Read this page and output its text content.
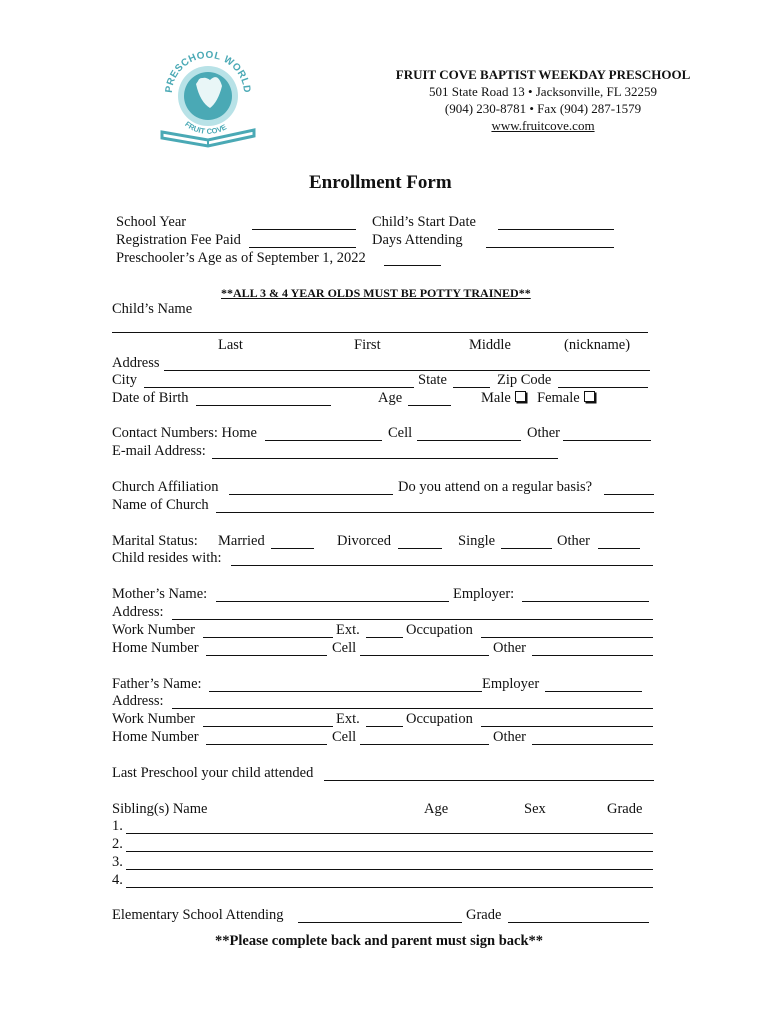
PRESCHOOL WORLD
FRUIT COVE
FRUIT COVE BAPTIST WEEKDAY PRESCHOOL
501 State Road 13 • Jacksonville, FL 32259
(904) 230-8781 • Fax (904) 287-1579
www.fruitcove.com
Enrollment Form
School Year	Child’s Start Date
Registration Fee Paid	Days Attending
Preschooler’s Age as of September 1, 2022
**ALL 3 & 4 YEAR OLDS MUST BE POTTY TRAINED**
Child’s Name
Last	First	Middle	(nickname)
Address
City	State	Zip Code
Date of Birth	Age	Male	Female
Contact Numbers: Home	Cell	Other
E-mail Address:
Church Affiliation	Do you attend on a regular basis?
Name of Church
Marital Status: Married	Divorced	Single	Other
Child resides with:
Mother’s Name:	Employer:
Address:
Work Number	Ext.	Occupation
Home Number	Cell	Other
Father’s Name:	Employer
Address:
Work Number	Ext.	Occupation
Home Number	Cell	Other
Last Preschool your child attended
Sibling(s) Name	Age	Sex	Grade
1.
2.
3.
4.
Elementary School Attending	Grade
**Please complete back and parent must sign back**
